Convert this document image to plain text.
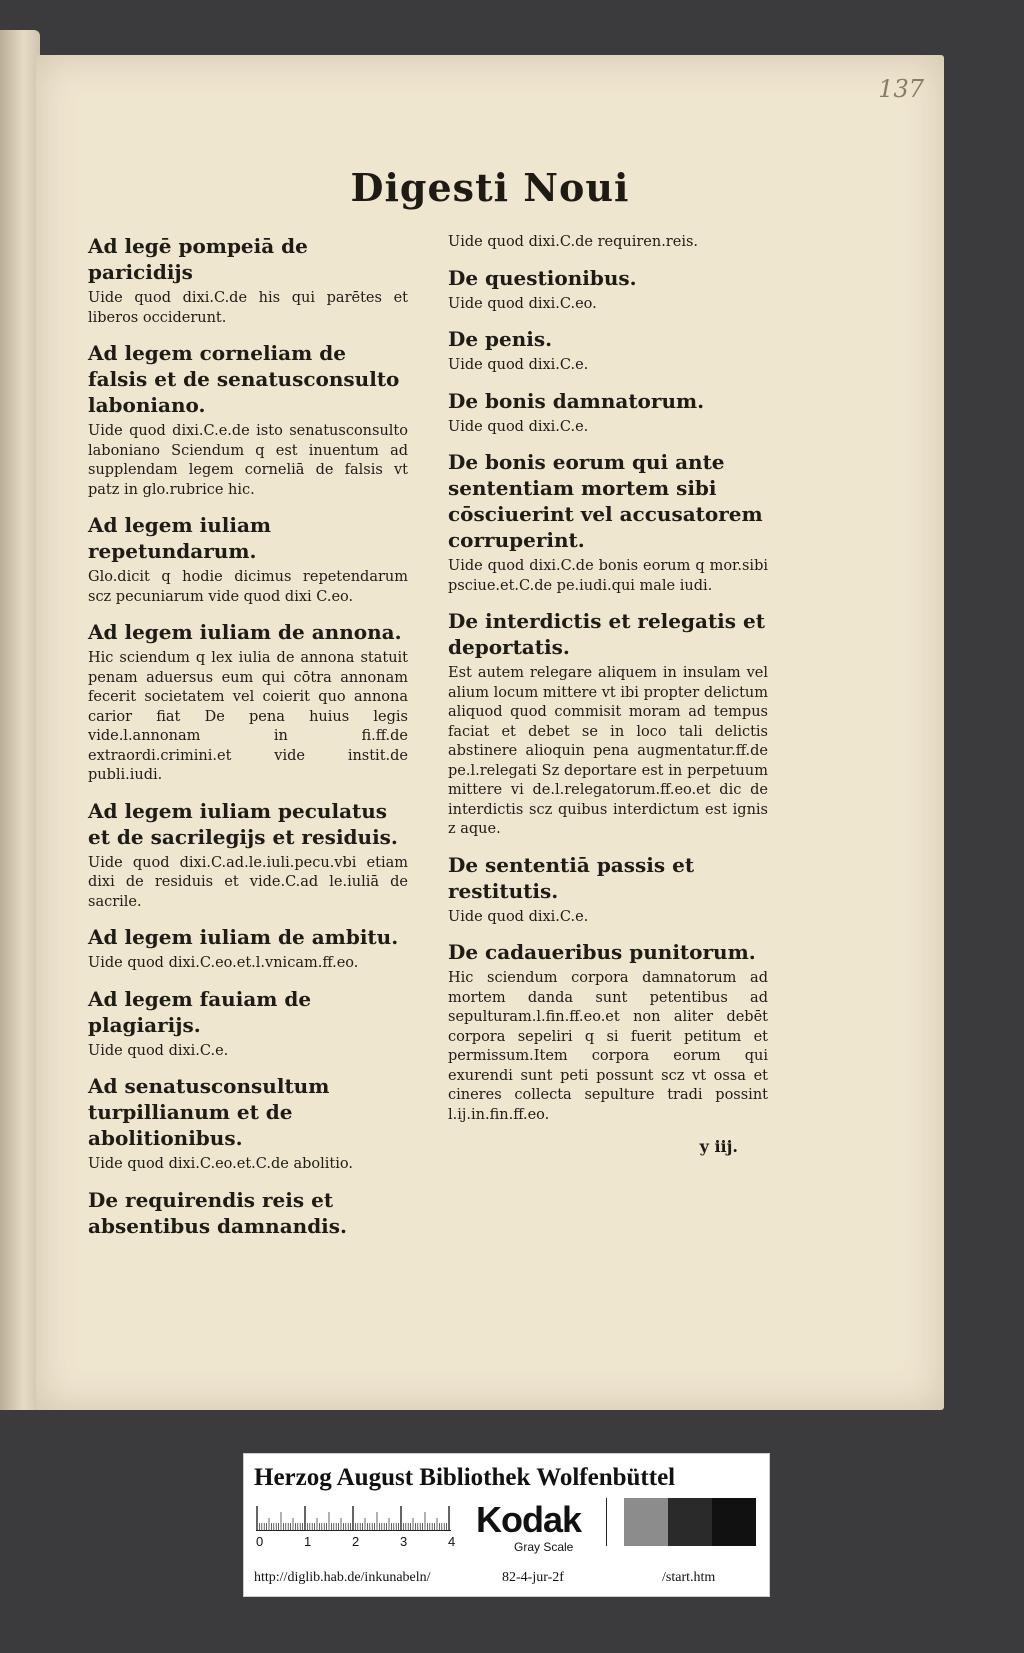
137
Digesti Noui
Ad legē pompeiā de paricidijs
Uide quod dixi.C.de his qui parētes et liberos occiderunt.
Ad legem corneliam de falsis et de senatusconsulto laboniano.
Uide quod dixi.C.e.de isto senatusconsulto laboniano Sciendum q est inuentum ad supplendam legem corneliā de falsis vt patz in glo.rubrice hic.
Ad legem iuliam repetundarum.
Glo.dicit q hodie dicimus repetendarum scz pecuniarum vide quod dixi C.eo.
Ad legem iuliam de annona.
Hic sciendum q lex iulia de annona statuit penam aduersus eum qui cōtra annonam fecerit societatem vel coierit quo annona carior fiat De pena huius legis vide.l.annonam in fi.ff.de extraordi.crimini.et vide instit.de publi.iudi.
Ad legem iuliam peculatus et de sacrilegijs et residuis.
Uide quod dixi.C.ad.le.iuli.pecu.vbi etiam dixi de residuis et vide.C.ad le.iuliā de sacrile.
Ad legem iuliam de ambitu.
Uide quod dixi.C.eo.et.l.vnicam.ff.eo.
Ad legem fauiam de plagiarijs.
Uide quod dixi.C.e.
Ad senatusconsultum turpillianum et de abolitionibus.
Uide quod dixi.C.eo.et.C.de abolitio.
De requirendis reis et absentibus damnandis.
Uide quod dixi.C.de requiren.reis.
De questionibus.
Uide quod dixi.C.eo.
De penis.
Uide quod dixi.C.e.
De bonis damnatorum.
Uide quod dixi.C.e.
De bonis eorum qui ante sententiam mortem sibi cōsciuerint vel accusatorem corruperint.
Uide quod dixi.C.de bonis eorum q mor.sibi psciue.et.C.de pe.iudi.qui male iudi.
De interdictis et relegatis et deportatis.
Est autem relegare aliquem in insulam vel alium locum mittere vt ibi propter delictum aliquod quod commisit moram ad tempus faciat et debet se in loco tali delictis abstinere alioquin pena augmentatur.ff.de pe.l.relegati Sz deportare est in perpetuum mittere vi de.l.relegatorum.ff.eo.et dic de interdictis scz quibus interdictum est ignis z aque.
De sententiā passis et restitutis.
Uide quod dixi.C.e.
De cadaueribus punitorum.
Hic sciendum corpora damnatorum ad mortem danda sunt petentibus ad sepulturam.l.fin.ff.eo.et non aliter debēt corpora sepeliri q si fuerit petitum et permissum.Item corpora eorum qui exurendi sunt peti possunt scz vt ossa et cineres collecta sepulture tradi possint l.ij.in.fin.ff.eo.
y iij.
Herzog August Bibliothek Wolfenbüttel
0	1	2	3	4
Kodak
Gray Scale
http://diglib.hab.de/inkunabeln/	82-4-jur-2f	/start.htm
